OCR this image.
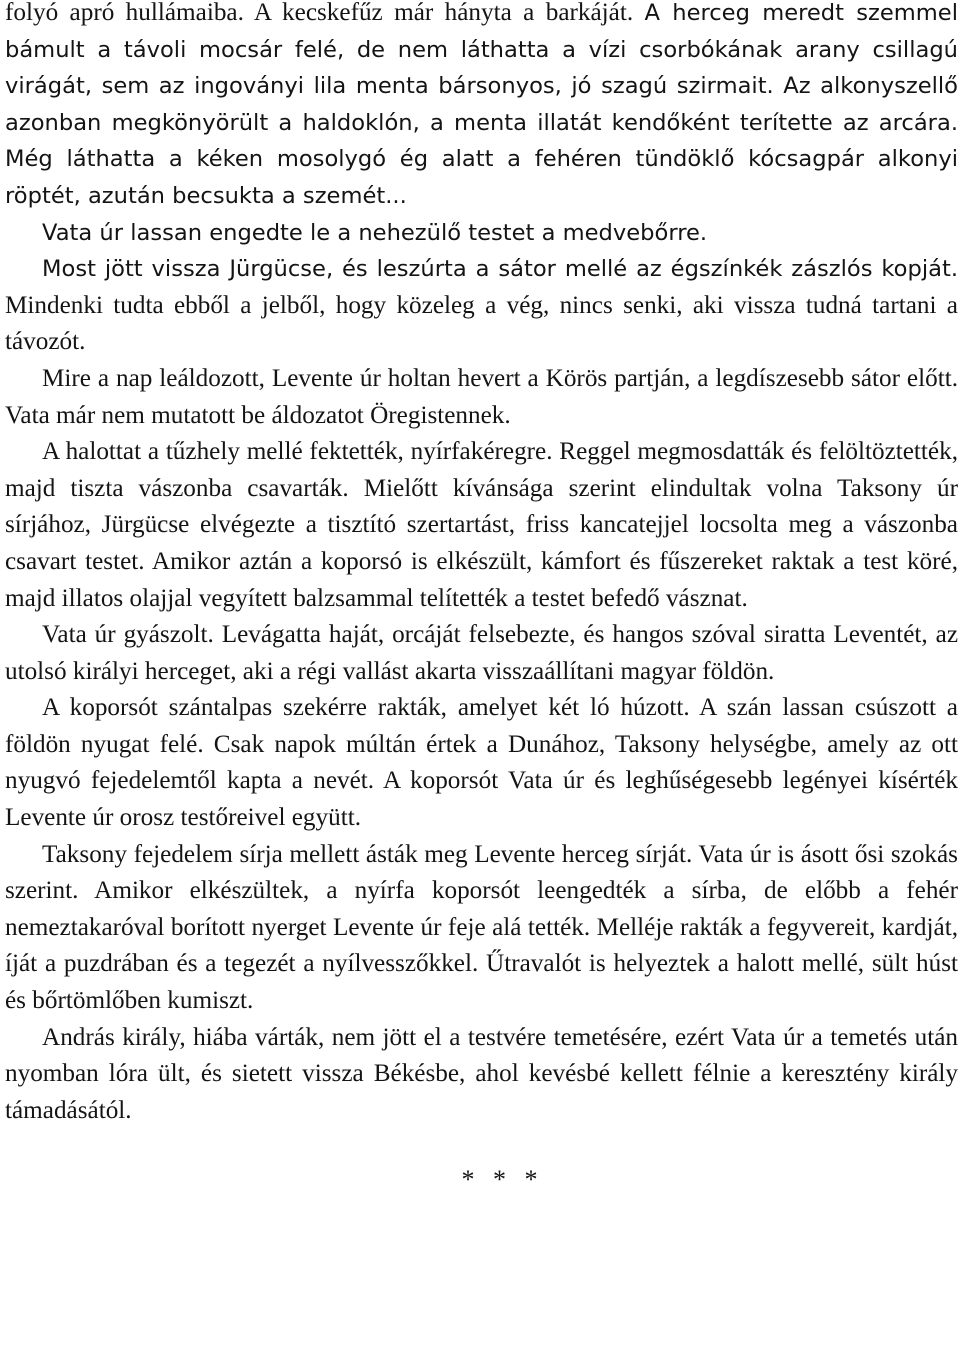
folyó apró hullámaiba. A kecskefűz már hányta a barkáját. A herceg meredt szemmel bámult a távoli mocsár felé, de nem láthatta a vízi csorbókának arany csillagú virágát, sem az ingoványi lila menta bársonyos, jó szagú szirmait. Az alkonyszellő azonban megkönyörült a haldoklón, a menta illatát kendőként terítette az arcára. Még láthatta a kéken mosolygó ég alatt a fehéren tündöklő kócsagpár alkonyi röptét, azután becsukta a szemét...

Vata úr lassan engedte le a nehezülő testet a medvebőrre.

Most jött vissza Jürgücse, és leszúrta a sátor mellé az égszínkék zászlós kopját. Mindenki tudta ebből a jelből, hogy közeleg a vég, nincs senki, aki vissza tudná tartani a távozót.

Mire a nap leáldozott, Levente úr holtan hevert a Körös partján, a legdíszesebb sátor előtt. Vata már nem mutatott be áldozatot Öregistennek.

A halottat a tűzhely mellé fektették, nyírfakéregre. Reggel megmosdatták és felöltöztették, majd tiszta vászonba csavarták. Mielőtt kívánsága szerint elindultak volna Taksony úr sírjához, Jürgücse elvégezte a tisztító szertartást, friss kancatejjel locsolta meg a vászonba csavart testet. Amikor aztán a koporsó is elkészült, kámfort és fűszereket raktak a test köré, majd illatos olajjal vegyített balzsammal telítették a testet befedő vásznat.

Vata úr gyászolt. Levágatta haját, orcáját felsebezte, és hangos szóval siratta Leventét, az utolsó királyi herceget, aki a régi vallást akarta visszaállítani magyar földön.

A koporsót szántalpas szekérre rakták, amelyet két ló húzott. A szán lassan csúszott a földön nyugat felé. Csak napok múltán értek a Dunához, Taksony helységbe, amely az ott nyugvó fejedelemtől kapta a nevét. A koporsót Vata úr és leghűségesebb legényei kísérték Levente úr orosz testőreivel együtt.

Taksony fejedelem sírja mellett ásták meg Levente herceg sírját. Vata úr is ásott ősi szokás szerint. Amikor elkészültek, a nyírfa koporsót leengedték a sírba, de előbb a fehér nemeztakaróval borított nyerget Levente úr feje alá tették. Melléje rakták a fegyvereit, kardját, íját a puzdrában és a tegezét a nyílvesszőkkel. Űtravalót is helyeztek a halott mellé, sült húst és bőrtömlőben kumiszt.

András király, hiába várták, nem jött el a testvére temetésére, ezért Vata úr a temetés után nyomban lóra ült, és sietett vissza Békésbe, ahol kevésbé kellett félnie a keresztény király támadásától.

* * *
